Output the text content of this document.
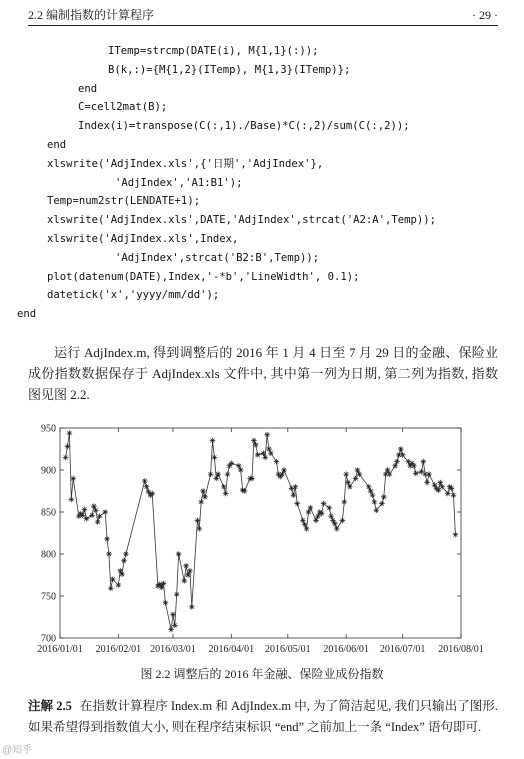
2.2 编制指数的计算程序	· 29 ·
ITemp=strcmp(DATE(i), M{1,1}(:));
B(k,:)={M{1,2}(ITemp), M{1,3}(ITemp)};
end
C=cell2mat(B);
Index(i)=transpose(C(:,1)./Base)*C(:,2)/sum(C(:,2));
end
xlswrite('AdjIndex.xls',{'日期','AdjIndex'},
'AdjIndex','A1:B1');
Temp=num2str(LENDATE+1);
xlswrite('AdjIndex.xls',DATE,'AdjIndex',strcat('A2:A',Temp));
xlswrite('AdjIndex.xls',Index,
'AdjIndex',strcat('B2:B',Temp));
plot(datenum(DATE),Index,'-*b','LineWidth', 0.1);
datetick('x','yyyy/mm/dd');
end
运行 AdjIndex.m, 得到调整后的 2016 年 1 月 4 日至 7 月 29 日的金融、保险业成份指数数据保存于 AdjIndex.xls 文件中, 其中第一列为日期, 第二列为指数, 指数图见图 2.2.
700
750
800
850
900
950
2016/01/01 2016/02/01 2016/03/01 2016/04/01 2016/05/01 2016/06/01 2016/07/01 2016/08/01
图 2.2 调整后的 2016 年金融、保险业成份指数
注解 2.5 在指数计算程序 Index.m 和 AdjIndex.m 中, 为了简洁起见, 我们只输出了图形. 如果希望得到指数值大小, 则在程序结束标识 “end” 之前加上一条 “Index” 语句即可.
@知乎
